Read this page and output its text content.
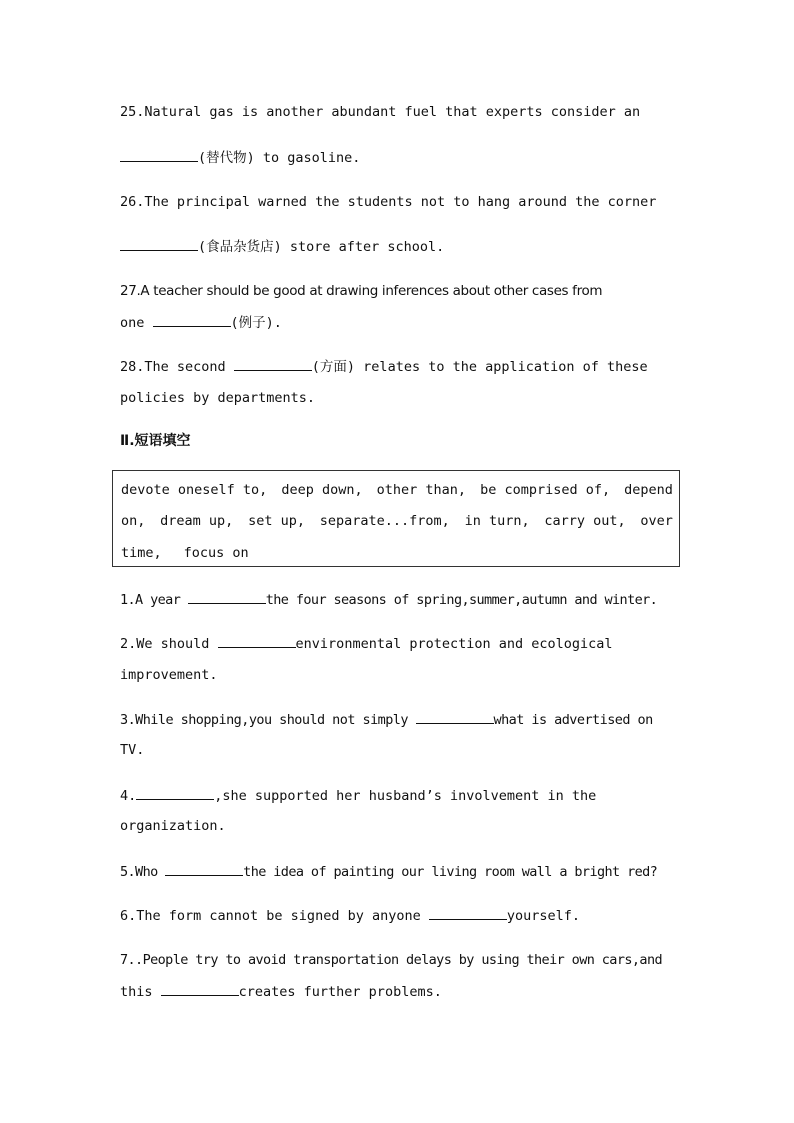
25.Natural gas is another abundant fuel that experts consider an
(替代物) to gasoline.
26.The principal warned the students not to hang around the corner
(食品杂货店) store after school.
27.A teacher should be good at drawing inferences about other cases from
one	(例子).
28.The second	(方面) relates to the application of these
policies by departments.
Ⅱ.短语填空
devote oneself to, deep down, other than, be comprised of, depend
on, dream up, set up, separate...from, in turn, carry out, over
time, focus on
1.A year	the four seasons of spring,summer,autumn and winter.
2.We should	environmental protection and ecological
improvement.
3.While shopping,you should not simply	what is advertised on
TV.
4.	,she supported her husband’s involvement in the
organization.
5.Who	the idea of painting our living room wall a bright red?
6.The form cannot be signed by anyone	yourself.
7..People try to avoid transportation delays by using their own cars,and
this	creates further problems.
